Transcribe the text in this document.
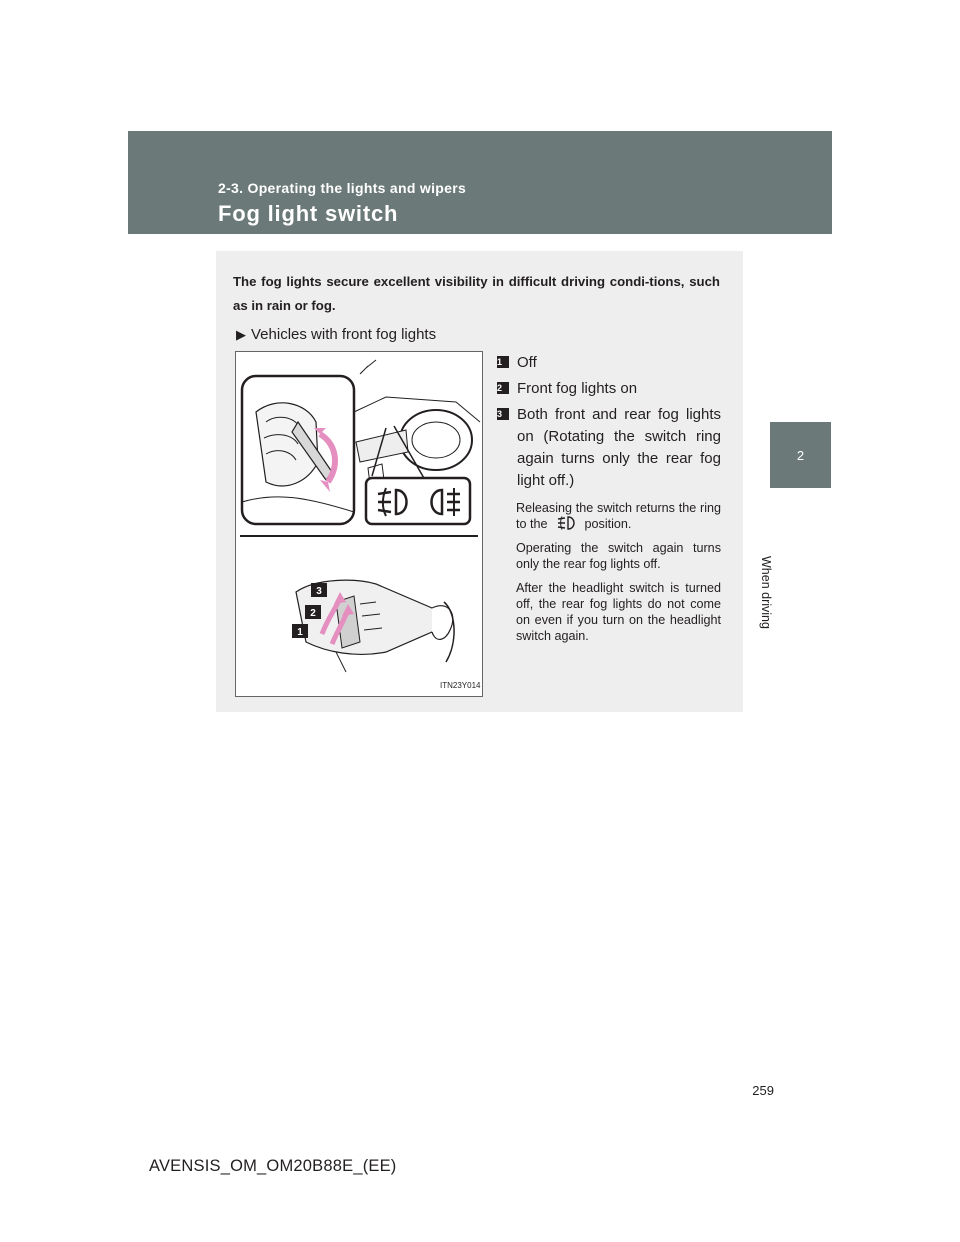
2-3. Operating the lights and wipers
Fog light switch
2
When driving
The fog lights secure excellent visibility in difficult driving condi-tions, such as in rain or fog.
▶ Vehicles with front fog lights
3
2
1
ITN23Y014
1 Off
2 Front fog lights on
3 Both front and rear fog lights on (Rotating the switch ring again turns only the rear fog light off.)
Releasing the switch returns the ring to the	position.
Operating the switch again turns only the rear fog lights off.
After the headlight switch is turned off, the rear fog lights do not come on even if you turn on the headlight switch again.
259
AVENSIS_OM_OM20B88E_(EE)
